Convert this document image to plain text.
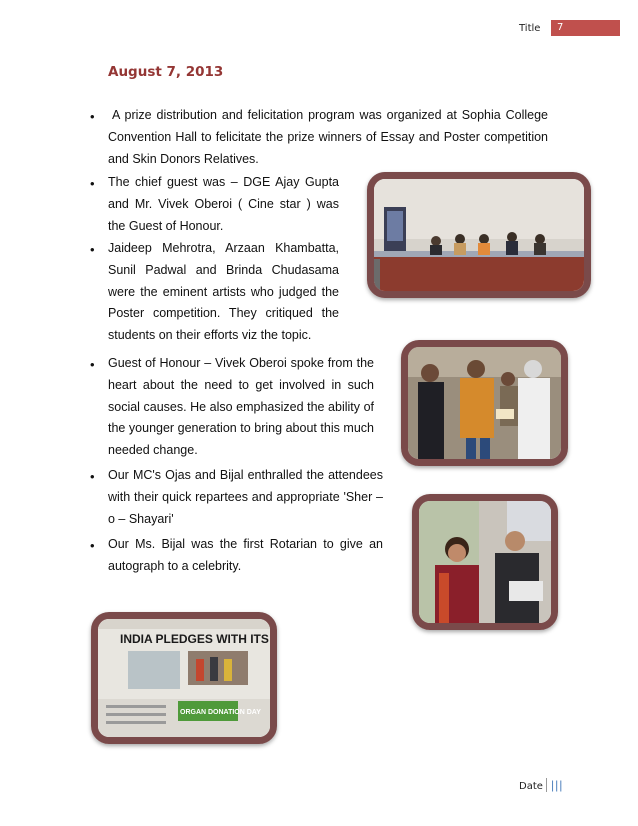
Title	7
August 7, 2013
•	A prize distribution and felicitation program was organized at Sophia College Convention Hall to felicitate the prize winners of Essay and Poster competition and Skin Donors Relatives.
• The chief guest was – DGE Ajay Gupta and Mr. Vivek Oberoi ( Cine star ) was the Guest of Honour.
• Jaideep Mehrotra, Arzaan Khambatta, Sunil Padwal and Brinda Chudasama were the eminent artists who judged the Poster competition. They critiqued the students on their efforts viz the topic.
• Guest of Honour – Vivek Oberoi spoke from the heart about the need to get involved in such social causes. He also emphasized the ability of the younger generation to bring about this much needed change.
• Our MC's Ojas and Bijal enthralled the attendees with their quick repartees and appropriate 'Sher – o – Shayari'
• Our Ms. Bijal was the first Rotarian to give an autograph to a celebrity.
INDIA PLEDGES WITH ITS
ORGAN DONATION DAY
Date |||
